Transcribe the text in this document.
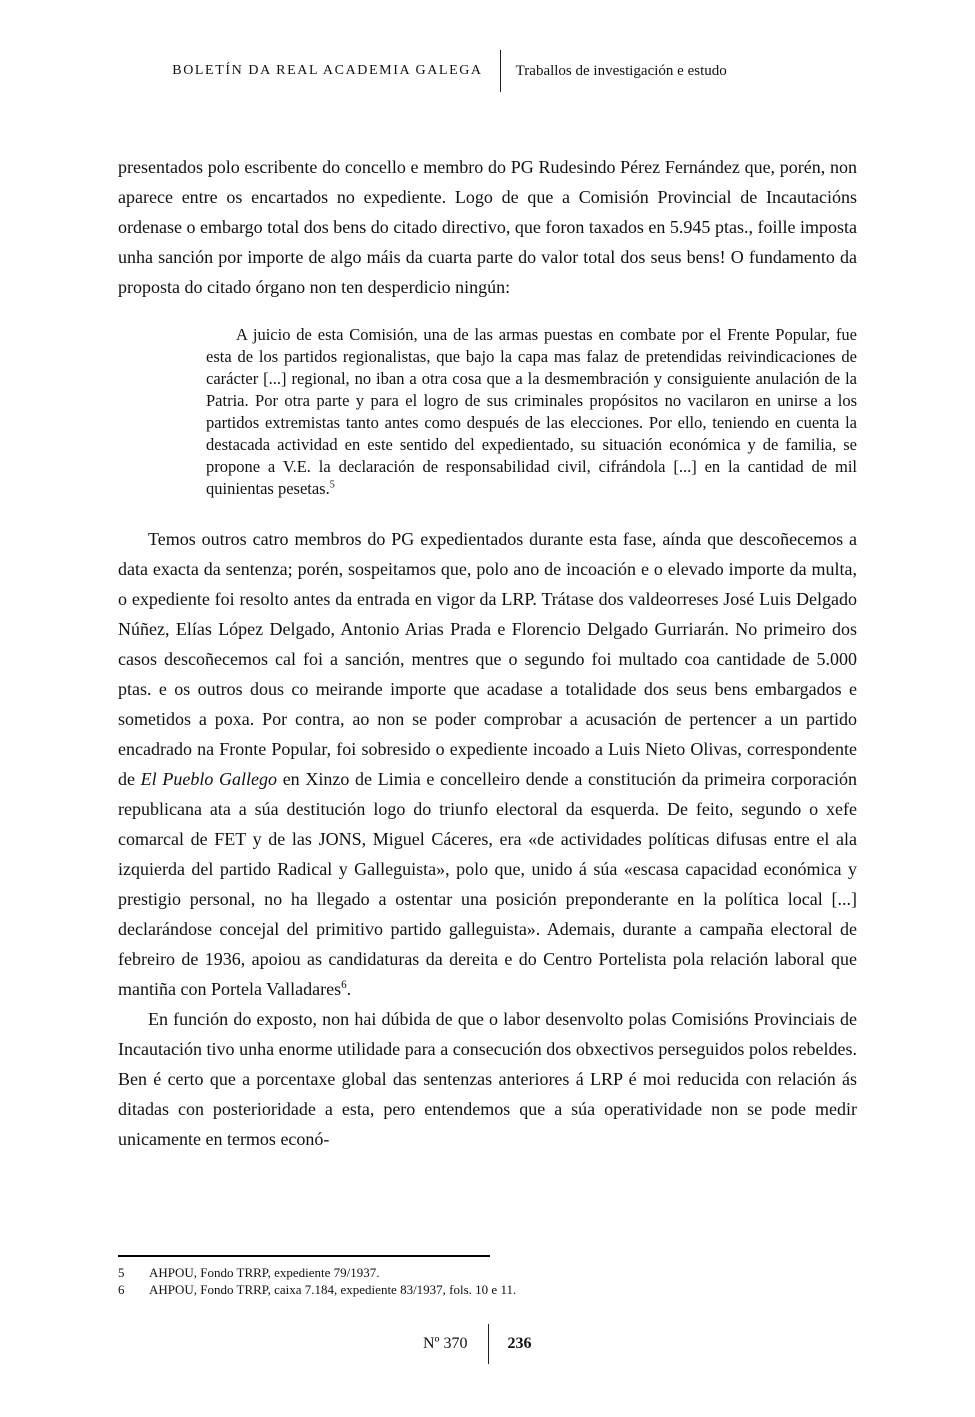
BOLETÍN DA REAL ACADEMIA GALEGA	Traballos de investigación e estudo

presentados polo escribente do concello e membro do PG Rudesindo Pérez Fernández que, porén, non aparece entre os encartados no expediente. Logo de que a Comisión Provincial de Incautacións ordenase o embargo total dos bens do citado directivo, que foron taxados en 5.945 ptas., foille imposta unha sanción por importe de algo máis da cuarta parte do valor total dos seus bens! O fundamento da proposta do citado órgano non ten desperdicio ningún:

A juicio de esta Comisión, una de las armas puestas en combate por el Frente Popular, fue esta de los partidos regionalistas, que bajo la capa mas falaz de pretendidas reivindicaciones de carácter [...] regional, no iban a otra cosa que a la desmembración y consiguiente anulación de la Patria. Por otra parte y para el logro de sus criminales propósitos no vacilaron en unirse a los partidos extremistas tanto antes como después de las elecciones. Por ello, teniendo en cuenta la destacada actividad en este sentido del expedientado, su situación económica y de familia, se propone a V.E. la declaración de responsabilidad civil, cifrándola [...] en la cantidad de mil quinientas pesetas.$^5$

Temos outros catro membros do PG expedientados durante esta fase, aínda que descoñecemos a data exacta da sentenza; porén, sospeitamos que, polo ano de incoación e o elevado importe da multa, o expediente foi resolto antes da entrada en vigor da LRP. Trátase dos valdeorreses José Luis Delgado Núñez, Elías López Delgado, Antonio Arias Prada e Florencio Delgado Gurriarán. No primeiro dos casos descoñecemos cal foi a sanción, mentres que o segundo foi multado coa cantidade de 5.000 ptas. e os outros dous co meirande importe que acadase a totalidade dos seus bens embargados e sometidos a poxa. Por contra, ao non se poder comprobar a acusación de pertencer a un partido encadrado na Fronte Popular, foi sobresido o expediente incoado a Luis Nieto Olivas, correspondente de El Pueblo Gallego en Xinzo de Limia e concelleiro dende a constitución da primeira corporación republicana ata a súa destitución logo do triunfo electoral da esquerda. De feito, segundo o xefe comarcal de FET y de las JONS, Miguel Cáceres, era «de actividades políticas difusas entre el ala izquierda del partido Radical y Galleguista», polo que, unido á súa «escasa capacidad económica y prestigio personal, no ha llegado a ostentar una posición preponderante en la política local [...] declarándose concejal del primitivo partido galleguista». Ademais, durante a campaña electoral de febreiro de 1936, apoiou as candidaturas da dereita e do Centro Portelista pola relación laboral que mantiña con Portela Valladares$^6$.

En función do exposto, non hai dúbida de que o labor desenvolto polas Comisións Provinciais de Incautación tivo unha enorme utilidade para a consecución dos obxectivos perseguidos polos rebeldes. Ben é certo que a porcentaxe global das sentenzas anteriores á LRP é moi reducida con relación ás ditadas con posterioridade a esta, pero entendemos que a súa operatividade non se pode medir unicamente en termos econó-

5	AHPOU, Fondo TRRP, expediente 79/1937.
6	AHPOU, Fondo TRRP, caixa 7.184, expediente 83/1937, fols. 10 e 11.
Nº 370	236
